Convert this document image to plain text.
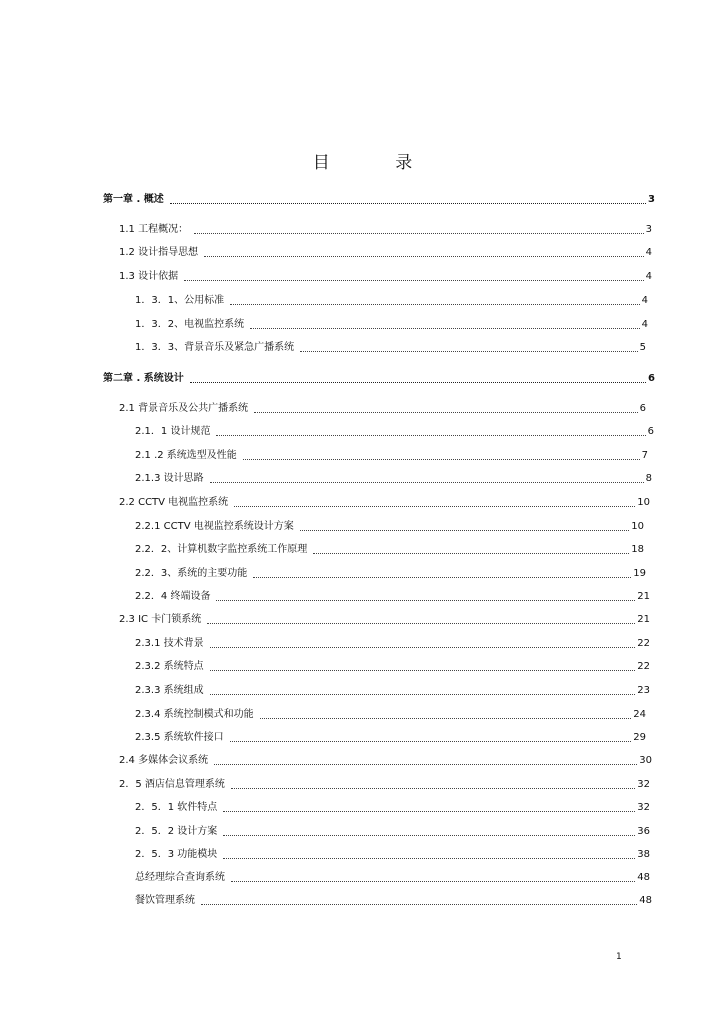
目 录
第一章 . 概述	3
1.1 工程概况：	3
1.2 设计指导思想	4
1.3 设计依据	4
1．3．1、公用标准	4
1．3．2、电视监控系统	4
1．3．3、背景音乐及紧急广播系统	5
第二章 . 系统设计	6
2.1 背景音乐及公共广播系统	6
2.1．1 设计规范	6
2.1 .2 系统选型及性能	7
2.1.3 设计思路	8
2.2 CCTV 电视监控系统	10
2.2.1 CCTV 电视监控系统设计方案	10
2.2．2、计算机数字监控系统工作原理	18
2.2．3、系统的主要功能	19
2.2．4 终端设备	21
2.3 IC 卡门锁系统	21
2.3.1 技术背景	22
2.3.2 系统特点	22
2.3.3 系统组成	23
2.3.4 系统控制模式和功能	24
2.3.5 系统软件接口	29
2.4 多媒体会议系统	30
2．5 酒店信息管理系统	32
2．5．1 软件特点	32
2．5．2 设计方案	36
2．5．3 功能模块	38
总经理综合查询系统	48
餐饮管理系统	48
1
